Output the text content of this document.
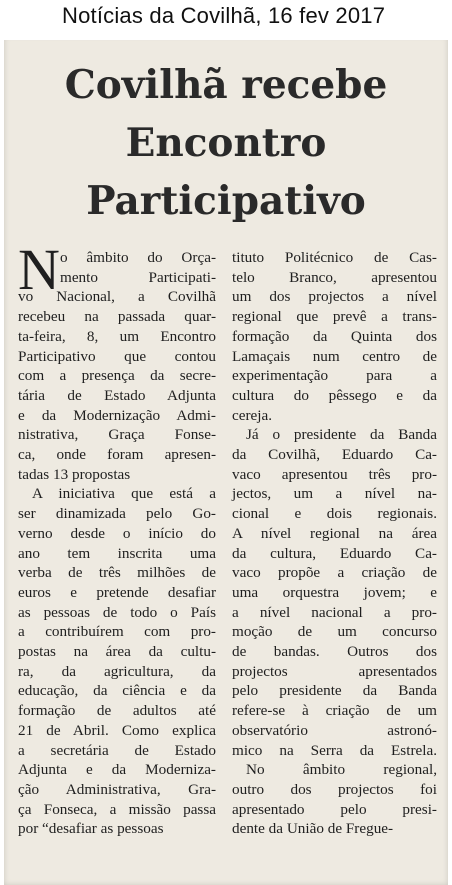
Notícias da Covilhã, 16 fev 2017
Covilhã recebe
Encontro
Participativo
N o âmbito do Orça-
mento Participati-
vo Nacional, a Covilhã
recebeu na passada quar-
ta-feira, 8, um Encontro
Participativo que contou
com a presença da secre-
tária de Estado Adjunta
e da Modernização Admi-
nistrativa, Graça Fonse-
ca, onde foram apresen-
tadas 13 propostas
A iniciativa que está a
ser dinamizada pelo Go-
verno desde o início do
ano tem inscrita uma
verba de três milhões de
euros e pretende desafiar
as pessoas de todo o País
a contribuírem com pro-
postas na área da cultu-
ra, da agricultura, da
educação, da ciência e da
formação de adultos até
21 de Abril. Como explica
a secretária de Estado
Adjunta e da Moderniza-
ção Administrativa, Gra-
ça Fonseca, a missão passa
por “desafiar as pessoas
tituto Politécnico de Cas-
telo Branco, apresentou
um dos projectos a nível
regional que prevê a trans-
formação da Quinta dos
Lamaçais num centro de
experimentação para a
cultura do pêssego e da
cereja.
Já o presidente da Banda
da Covilhã, Eduardo Ca-
vaco apresentou três pro-
jectos, um a nível na-
cional e dois regionais.
A nível regional na área
da cultura, Eduardo Ca-
vaco propõe a criação de
uma orquestra jovem; e
a nível nacional a pro-
moção de um concurso
de bandas. Outros dos
projectos apresentados
pelo presidente da Banda
refere-se à criação de um
observatório astronó-
mico na Serra da Estrela.
No âmbito regional,
outro dos projectos foi
apresentado pelo presi-
dente da União de Fregue-
